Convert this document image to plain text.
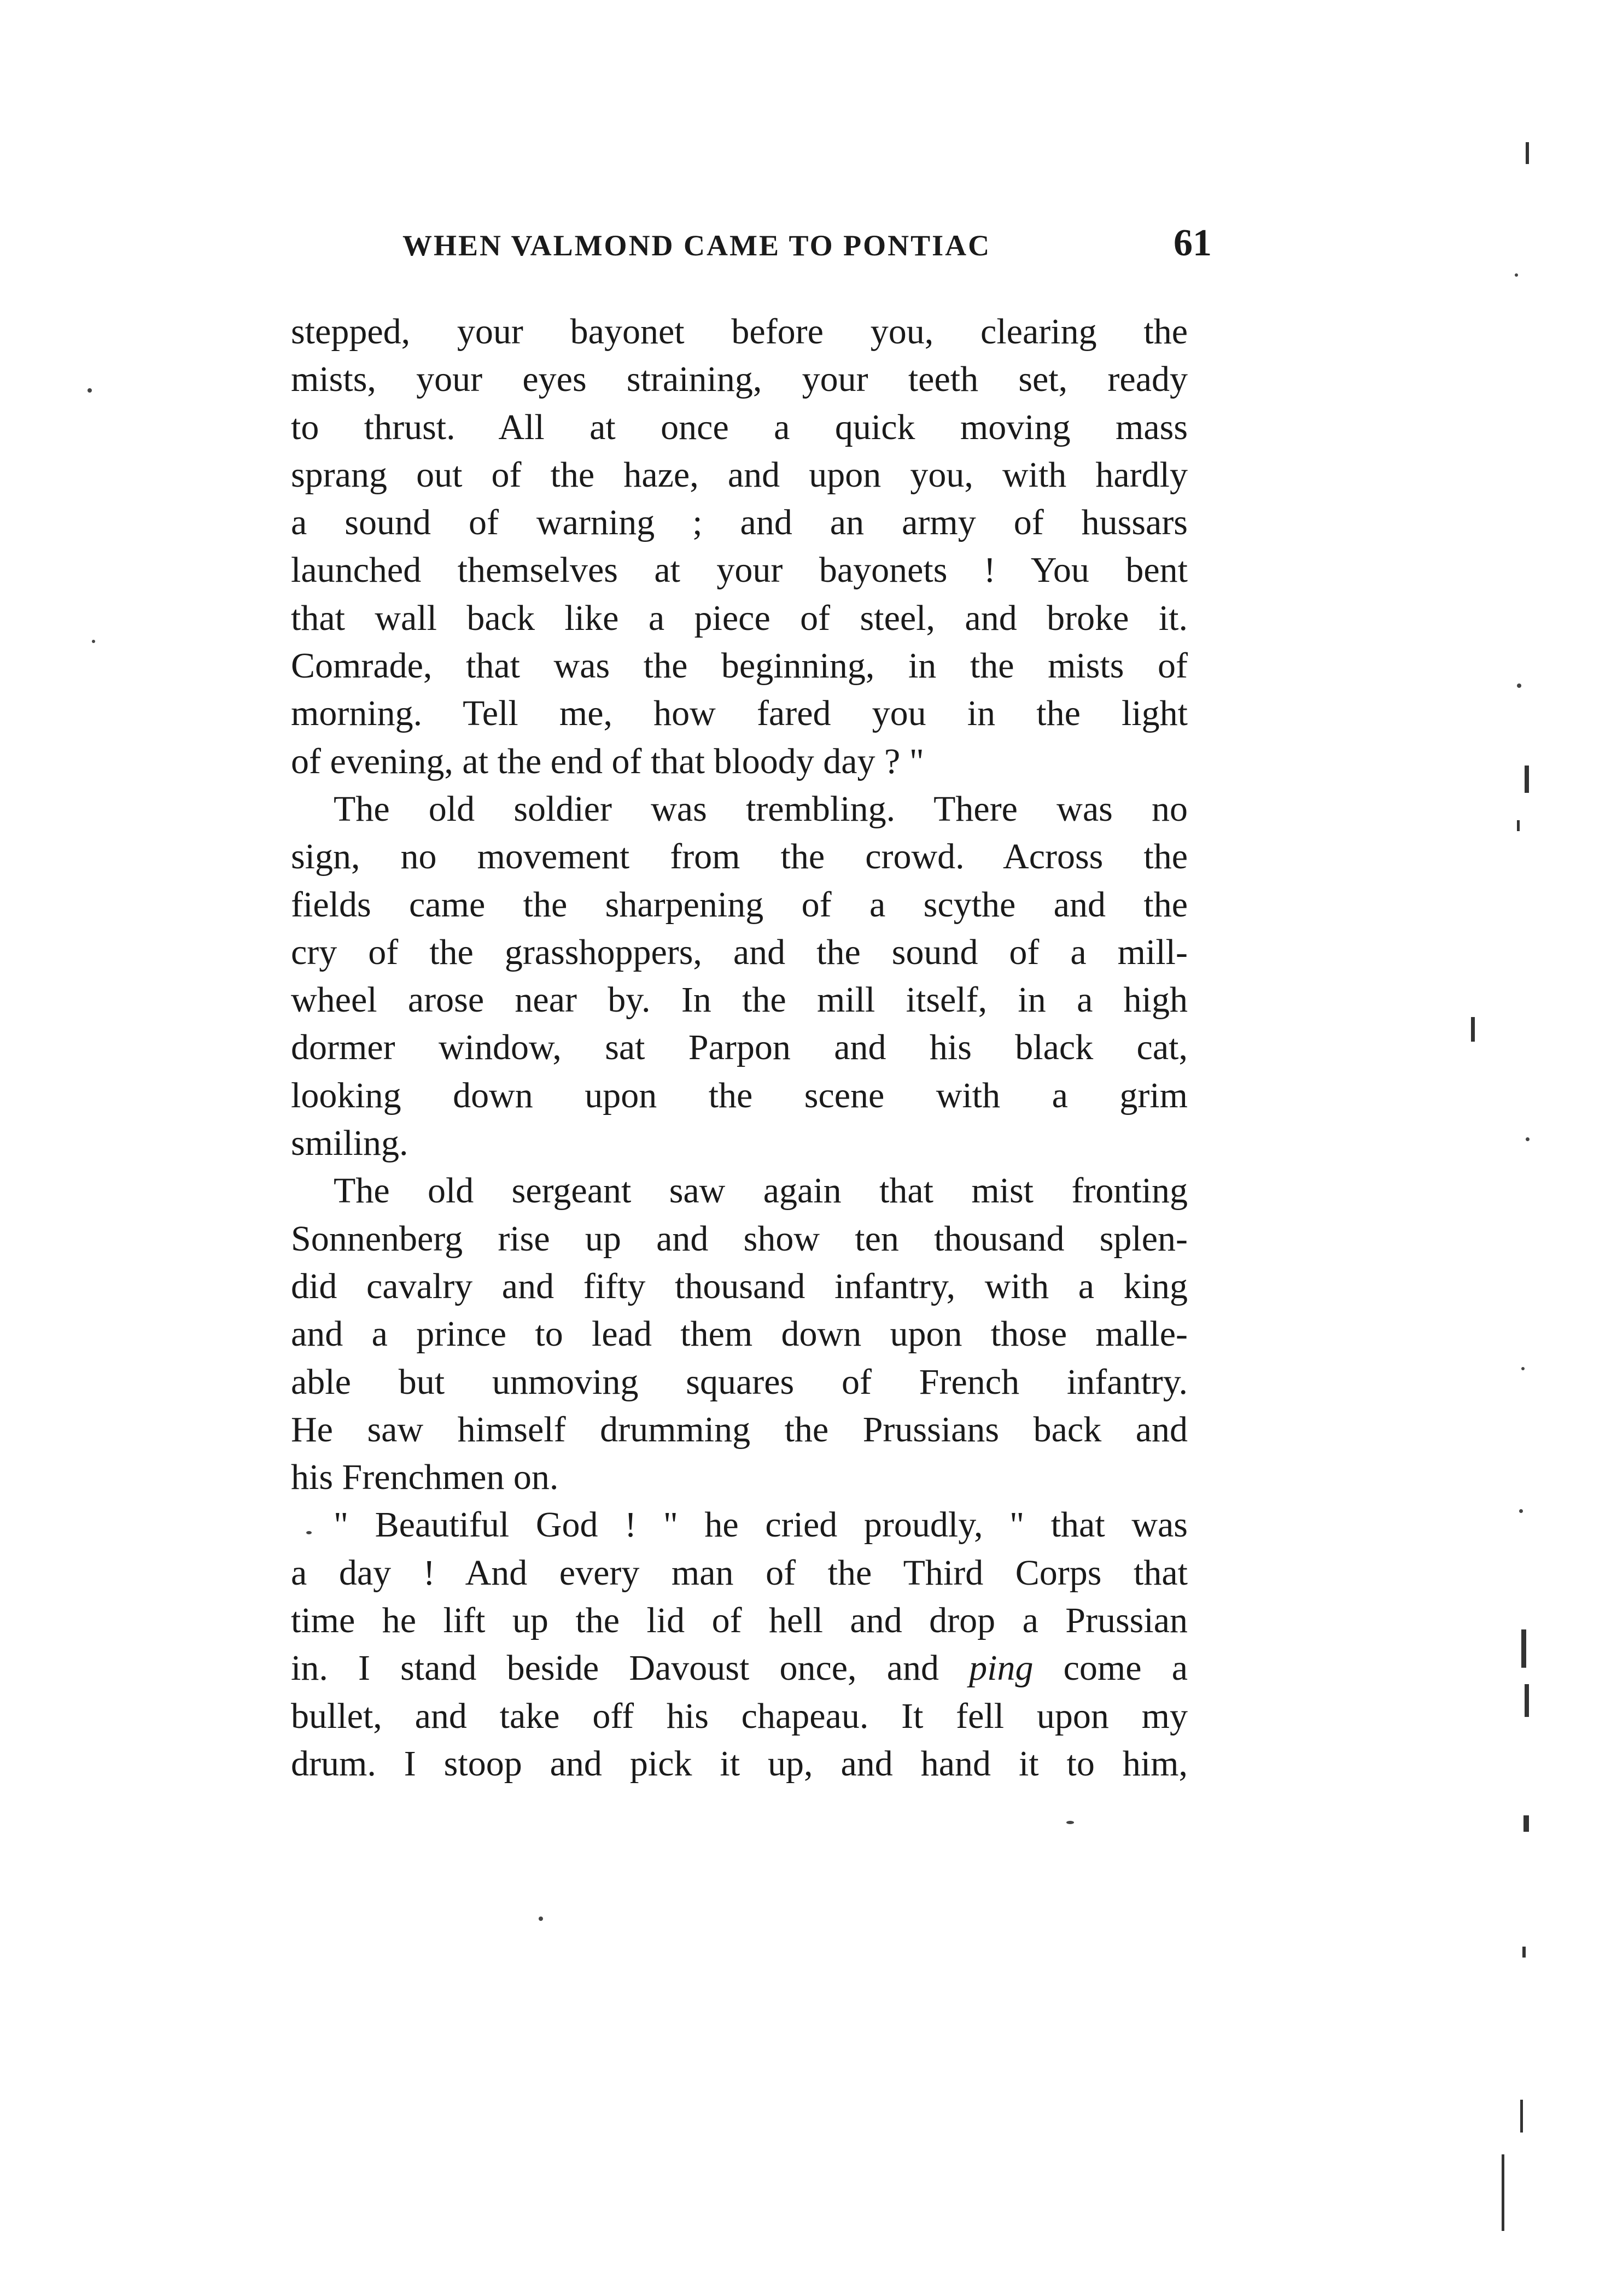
WHEN VALMOND CAME TO PONTIAC	61
stepped, your bayonet before you, clearing the
mists, your eyes straining, your teeth set, ready
to thrust. All at once a quick moving mass
sprang out of the haze, and upon you, with hardly
a sound of warning ; and an army of hussars
launched themselves at your bayonets ! You bent
that wall back like a piece of steel, and broke it.
Comrade, that was the beginning, in the mists of
morning. Tell me, how fared you in the light
of evening, at the end of that bloody day ? "
The old soldier was trembling. There was no
sign, no movement from the crowd. Across the
fields came the sharpening of a scythe and the
cry of the grasshoppers, and the sound of a mill-
wheel arose near by. In the mill itself, in a high
dormer window, sat Parpon and his black cat,
looking down upon the scene with a grim
smiling.
The old sergeant saw again that mist fronting
Sonnenberg rise up and show ten thousand splen-
did cavalry and fifty thousand infantry, with a king
and a prince to lead them down upon those malle-
able but unmoving squares of French infantry.
He saw himself drumming the Prussians back and
his Frenchmen on.
" Beautiful God ! " he cried proudly, " that was
a day ! And every man of the Third Corps that
time he lift up the lid of hell and drop a Prussian
in. I stand beside Davoust once, and ping come a
bullet, and take off his chapeau. It fell upon my
drum. I stoop and pick it up, and hand it to him,
